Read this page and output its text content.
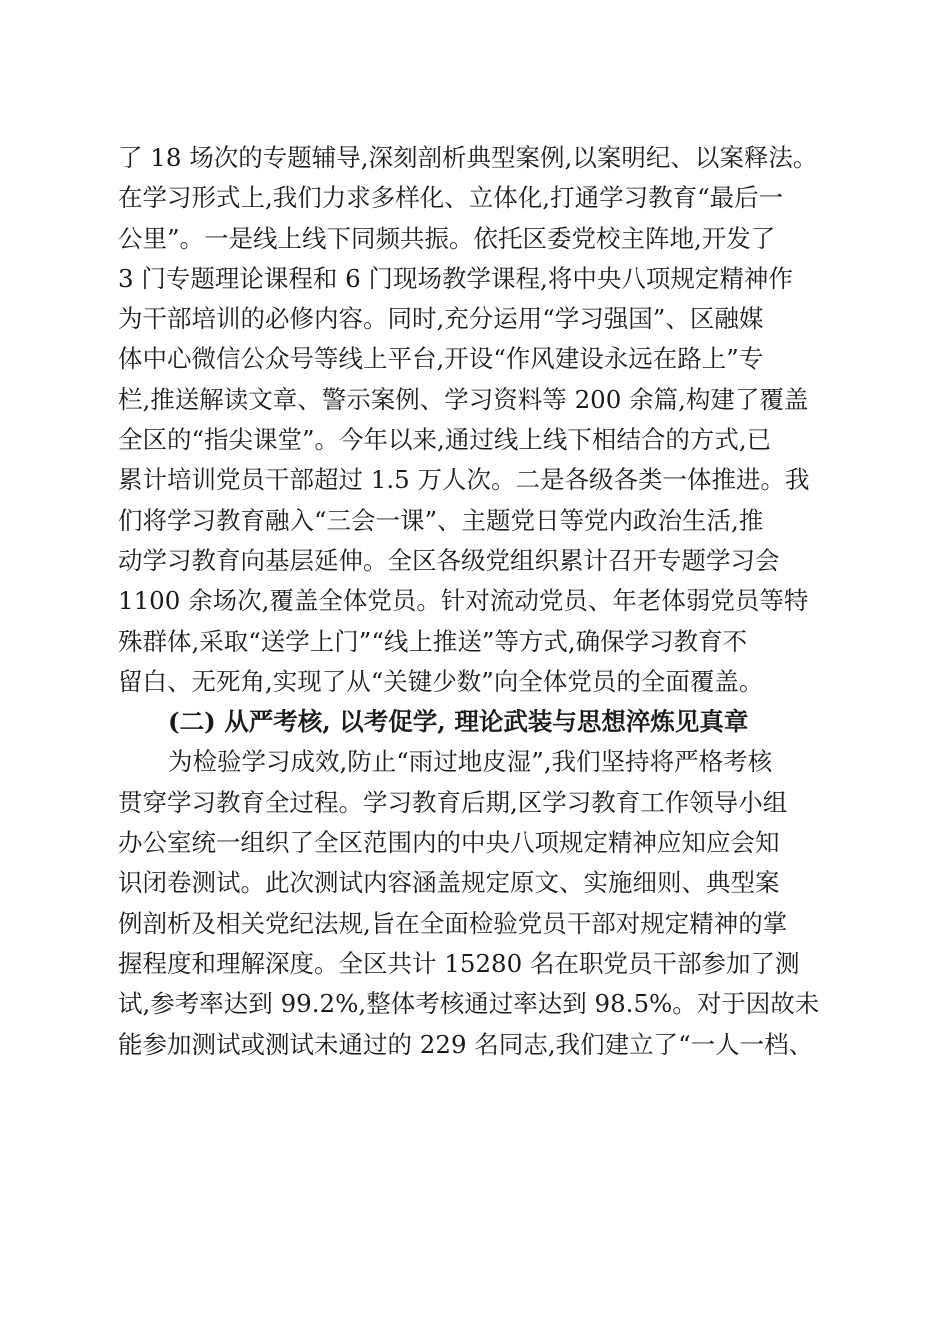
了 18 场次的专题辅导,深刻剖析典型案例,以案明纪、以案释法。
在学习形式上,我们力求多样化、立体化,打通学习教育“最后一
公里”。一是线上线下同频共振。依托区委党校主阵地,开发了
3 门专题理论课程和 6 门现场教学课程,将中央八项规定精神作
为干部培训的必修内容。同时,充分运用“学习强国”、区融媒
体中心微信公众号等线上平台,开设“作风建设永远在路上”专
栏,推送解读文章、警示案例、学习资料等 200 余篇,构建了覆盖
全区的“指尖课堂”。今年以来,通过线上线下相结合的方式,已
累计培训党员干部超过 1.5 万人次。二是各级各类一体推进。我
们将学习教育融入“三会一课”、主题党日等党内政治生活,推
动学习教育向基层延伸。全区各级党组织累计召开专题学习会
1100 余场次,覆盖全体党员。针对流动党员、年老体弱党员等特
殊群体,采取“送学上门”“线上推送”等方式,确保学习教育不
留白、无死角,实现了从“关键少数”向全体党员的全面覆盖。
(二) 从严考核, 以考促学, 理论武装与思想淬炼见真章
为检验学习成效,防止“雨过地皮湿”,我们坚持将严格考核
贯穿学习教育全过程。学习教育后期,区学习教育工作领导小组
办公室统一组织了全区范围内的中央八项规定精神应知应会知
识闭卷测试。此次测试内容涵盖规定原文、实施细则、典型案
例剖析及相关党纪法规,旨在全面检验党员干部对规定精神的掌
握程度和理解深度。全区共计 15280 名在职党员干部参加了测
试,参考率达到 99.2%,整体考核通过率达到 98.5%。对于因故未
能参加测试或测试未通过的 229 名同志,我们建立了“一人一档、
